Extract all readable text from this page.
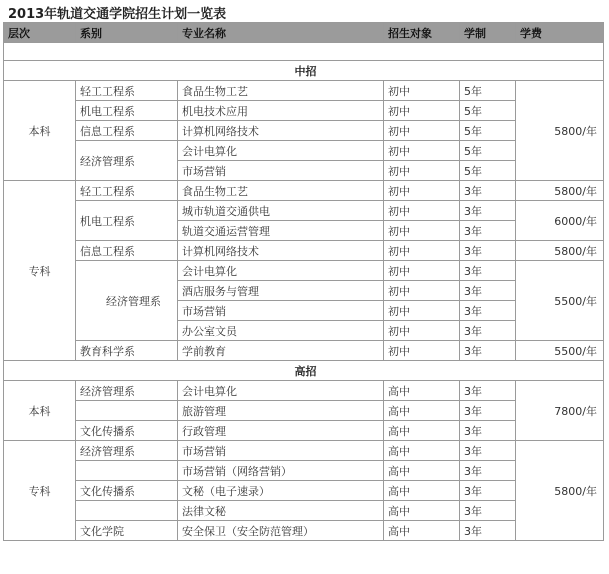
2013年轨道交通学院招生计划一览表
层次	系别	专业名称	招生对象	学制	学费

中招					
本科	轻工工程系	食品生物工艺	初中	5年	5800/年
	机电工程系	机电技术应用	初中	5年	
	信息工程系	计算机网络技术	初中	5年	
	经济管理系	会计电算化	初中	5年	
		市场营销	初中	5年	
专科	轻工工程系	食品生物工艺	初中	3年	5800/年
	机电工程系	城市轨道交通供电	初中	3年	6000/年
		轨道交通运营管理	初中	3年	
	信息工程系	计算机网络技术	初中	3年	5800/年
	经济管理系	会计电算化	初中	3年	5500/年
		酒店服务与管理	初中	3年	
		市场营销	初中	3年	
		办公室文员	初中	3年	
	教育科学系	学前教育	初中	3年	5500/年
高招					
本科	经济管理系	会计电算化	高中	3年	7800/年
		旅游管理	高中	3年	
	文化传播系	行政管理	高中	3年	
专科	经济管理系	市场营销	高中	3年	5800/年
		市场营销（网络营销）	高中	3年	
	文化传播系	文秘（电子速录）	高中	3年	
		法律文秘	高中	3年	
	文化学院	安全保卫（安全防范管理）	高中	3年	
